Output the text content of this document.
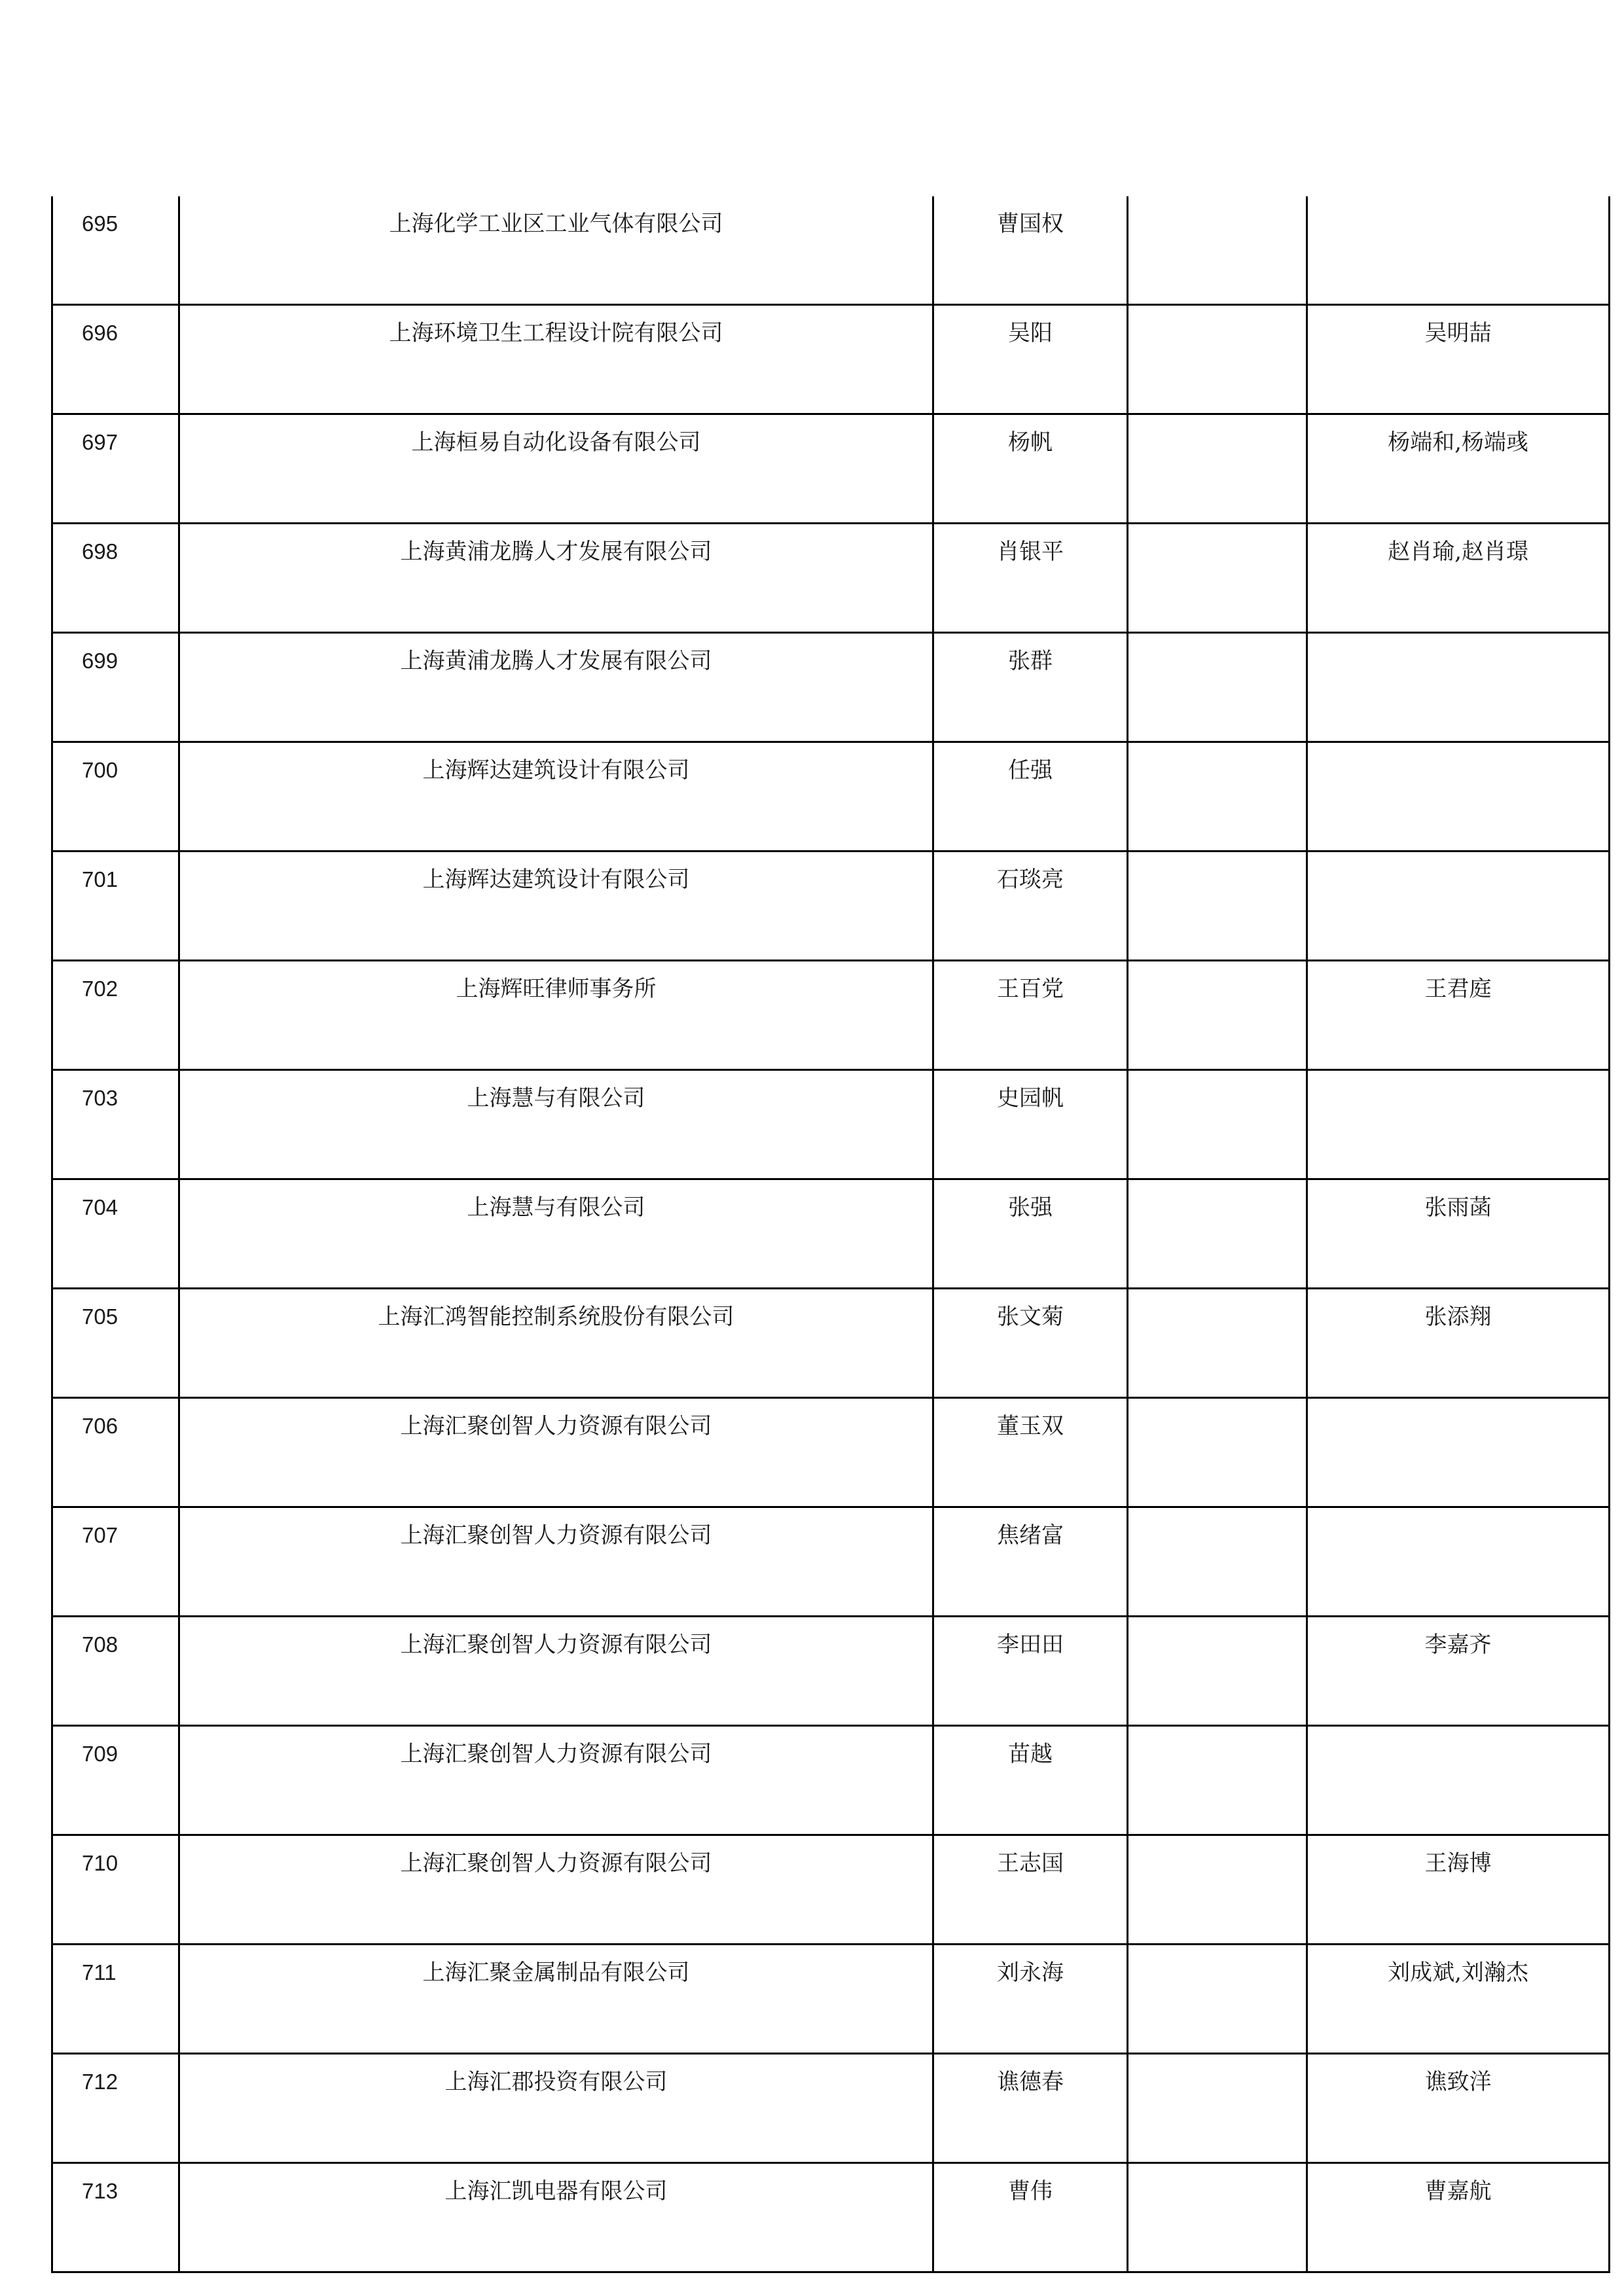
695	上海化学工业区工业气体有限公司	曹国权		
696	上海环境卫生工程设计院有限公司	吴阳		吴明喆
697	上海桓易自动化设备有限公司	杨帆		杨端和,杨端彧
698	上海黄浦龙腾人才发展有限公司	肖银平		赵肖瑜,赵肖璟
699	上海黄浦龙腾人才发展有限公司	张群		
700	上海辉达建筑设计有限公司	任强		
701	上海辉达建筑设计有限公司	石琰亮		
702	上海辉旺律师事务所	王百党		王君庭
703	上海慧与有限公司	史园帆		
704	上海慧与有限公司	张强		张雨菡
705	上海汇鸿智能控制系统股份有限公司	张文菊		张添翔
706	上海汇聚创智人力资源有限公司	董玉双		
707	上海汇聚创智人力资源有限公司	焦绪富		
708	上海汇聚创智人力资源有限公司	李田田		李嘉齐
709	上海汇聚创智人力资源有限公司	苗越		
710	上海汇聚创智人力资源有限公司	王志国		王海博
711	上海汇聚金属制品有限公司	刘永海		刘成斌,刘瀚杰
712	上海汇郡投资有限公司	谯德春		谯致洋
713	上海汇凯电器有限公司	曹伟		曹嘉航
